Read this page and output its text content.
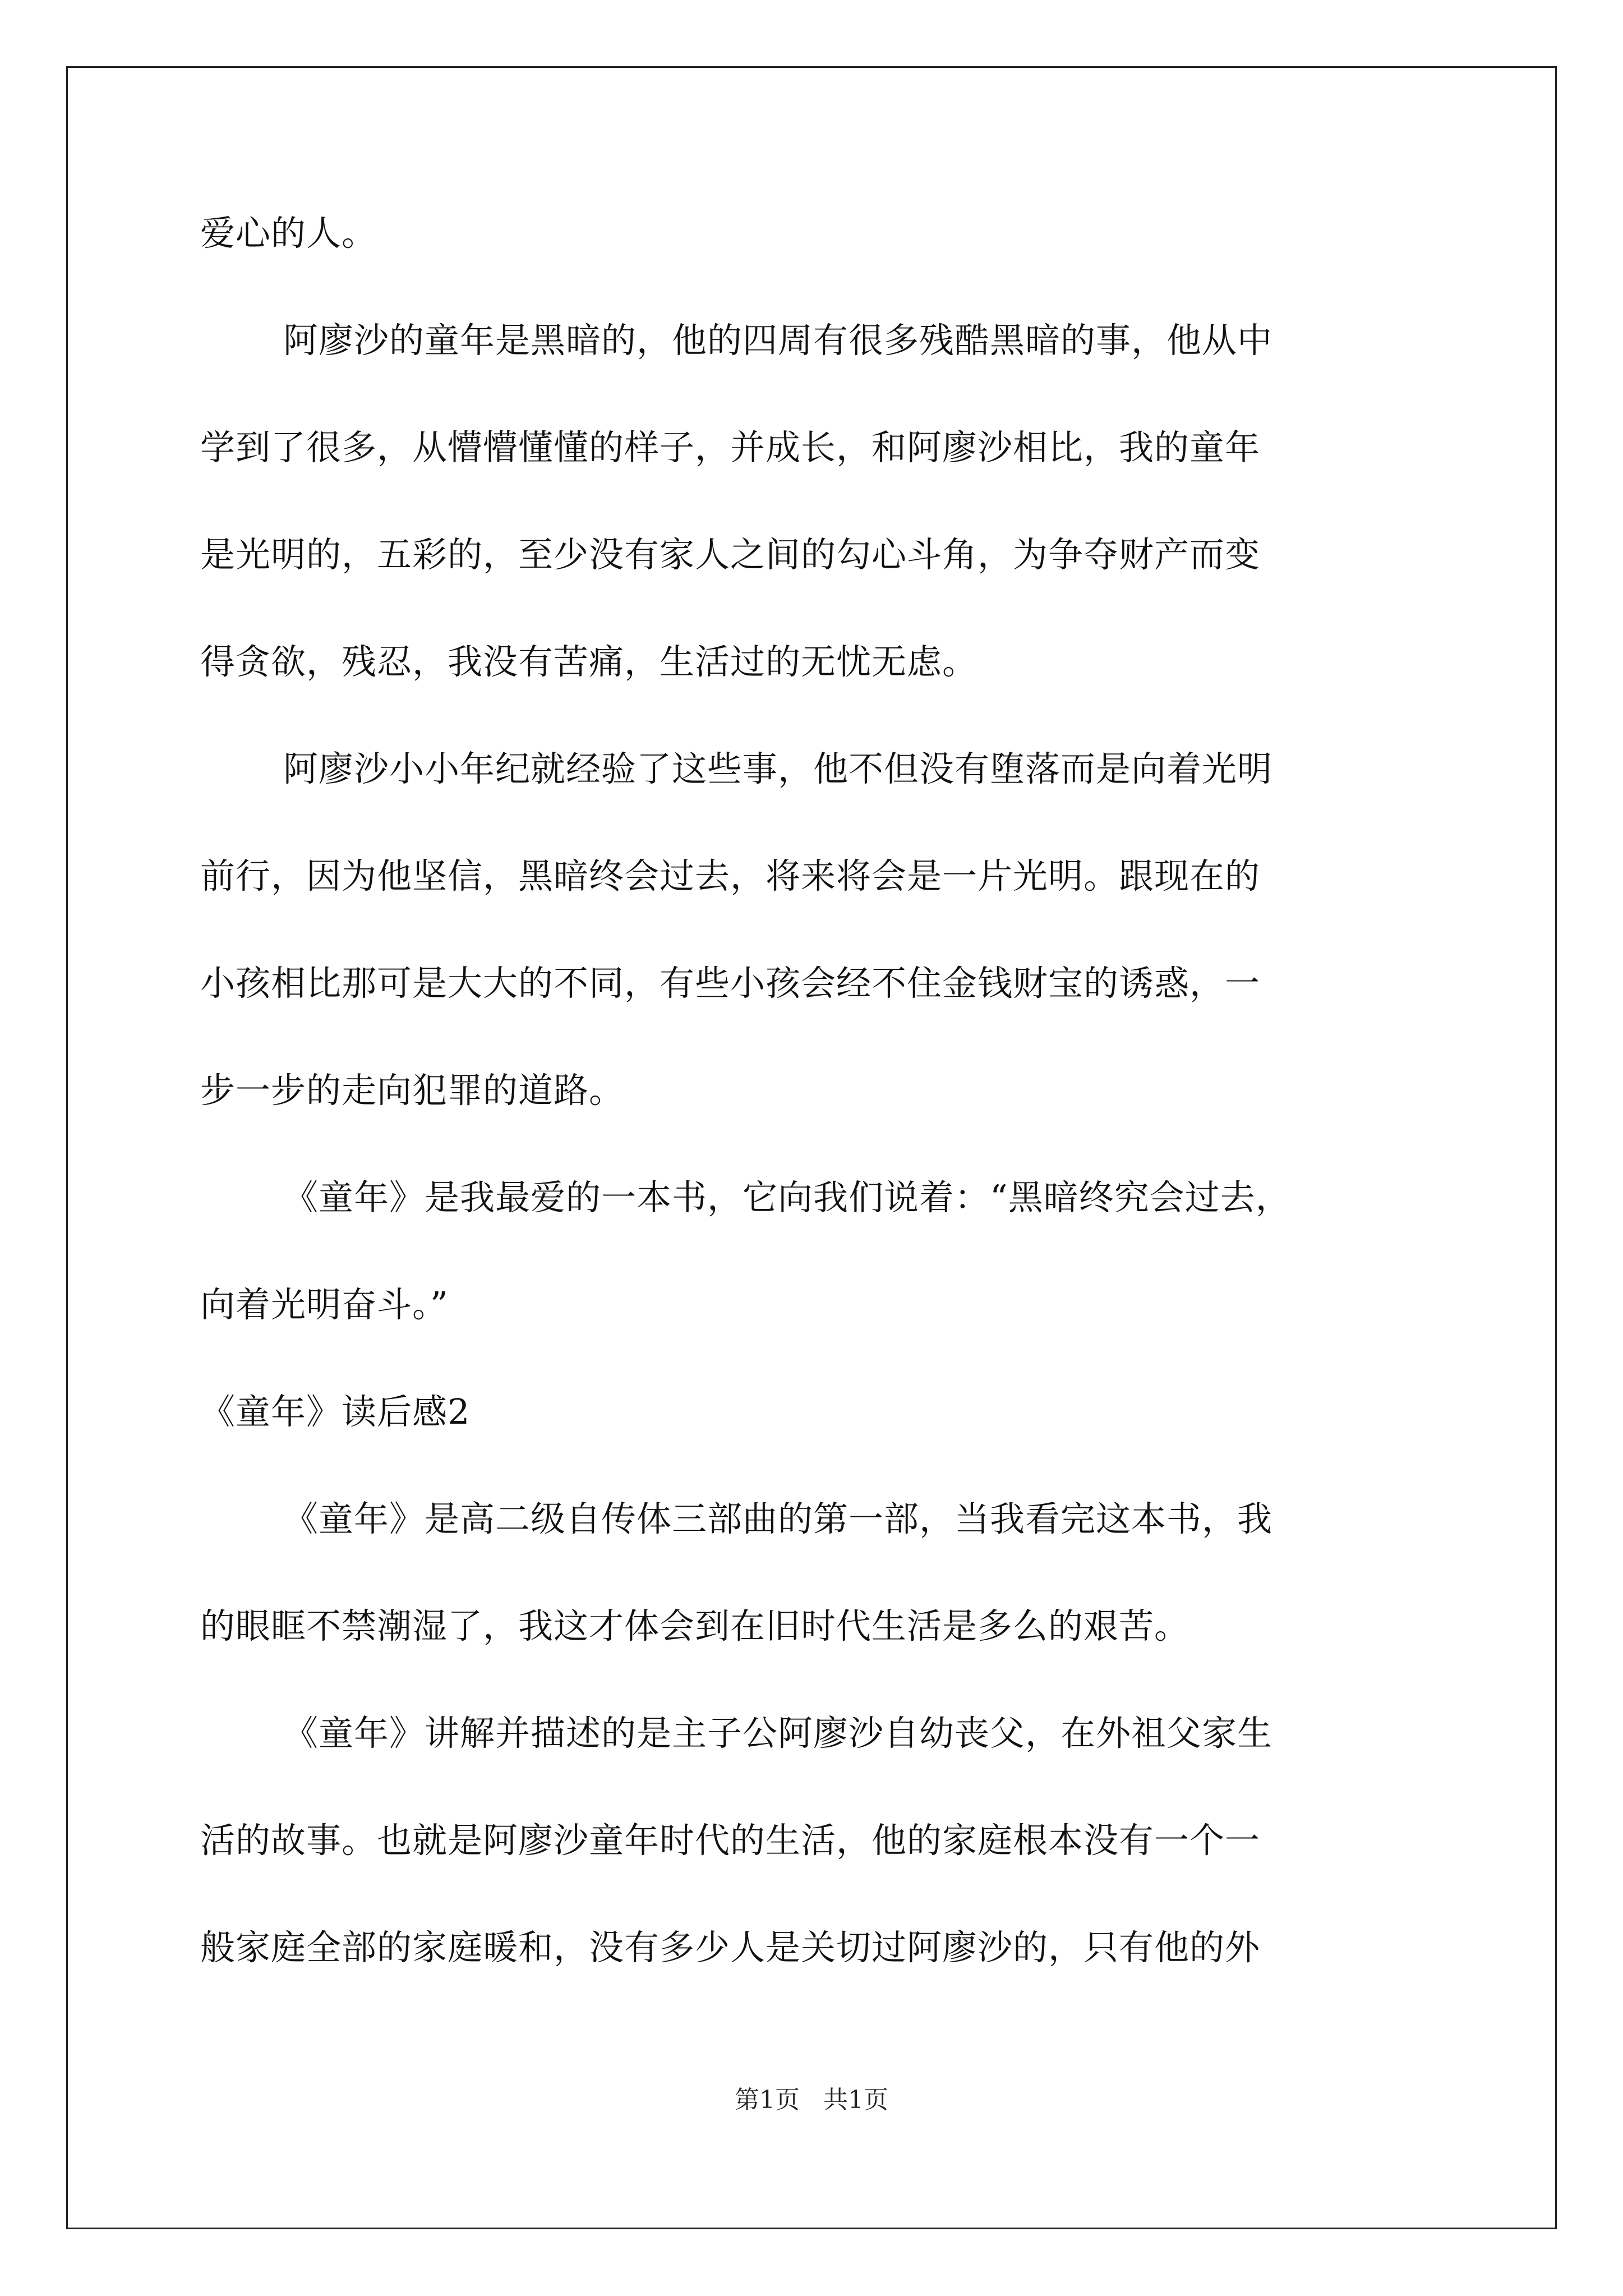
爱心的人。
阿廖沙的童年是黑暗的，他的四周有很多残酷黑暗的事，他从中
学到了很多，从懵懵懂懂的样子，并成长，和阿廖沙相比，我的童年
是光明的，五彩的，至少没有家人之间的勾心斗角，为争夺财产而变
得贪欲，残忍，我没有苦痛，生活过的无忧无虑。
阿廖沙小小年纪就经验了这些事，他不但没有堕落而是向着光明
前行，因为他坚信，黑暗终会过去，将来将会是一片光明。跟现在的
小孩相比那可是大大的不同，有些小孩会经不住金钱财宝的诱惑，一
步一步的走向犯罪的道路。
《童年》是我最爱的一本书，它向我们说着：“黑暗终究会过去，
向着光明奋斗。”
《童年》读后感2
《童年》是高二级自传体三部曲的第一部，当我看完这本书，我
的眼眶不禁潮湿了，我这才体会到在旧时代生活是多么的艰苦。
《童年》讲解并描述的是主子公阿廖沙自幼丧父，在外祖父家生
活的故事。也就是阿廖沙童年时代的生活，他的家庭根本没有一个一
般家庭全部的家庭暖和，没有多少人是关切过阿廖沙的，只有他的外
第1页   共1页
